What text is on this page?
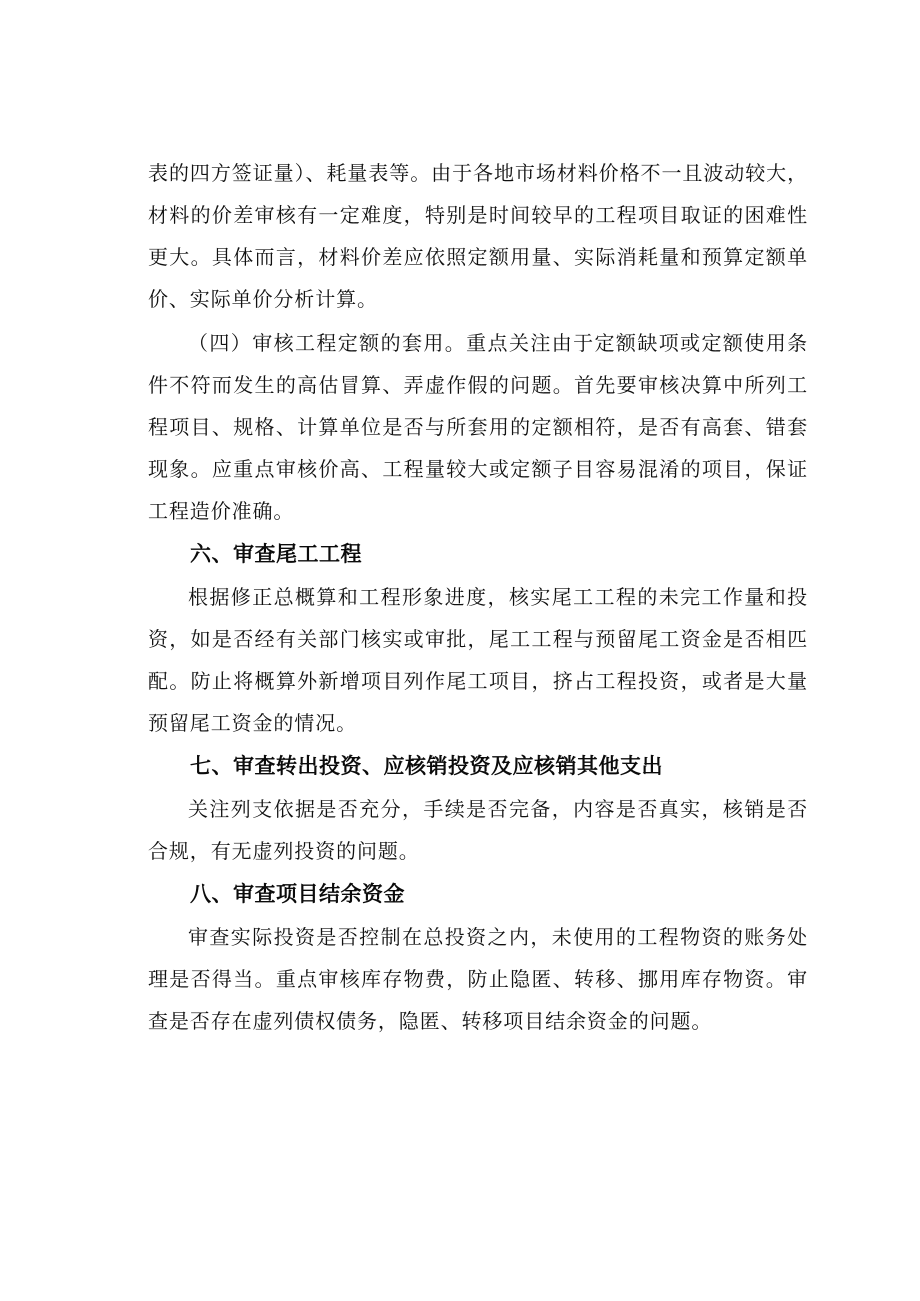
表的四方签证量）、耗量表等。由于各地市场材料价格不一且波动较大，材料的价差审核有一定难度，特别是时间较早的工程项目取证的困难性更大。具体而言，材料价差应依照定额用量、实际消耗量和预算定额单价、实际单价分析计算。

（四）审核工程定额的套用。重点关注由于定额缺项或定额使用条件不符而发生的高估冒算、弄虚作假的问题。首先要审核决算中所列工程项目、规格、计算单位是否与所套用的定额相符，是否有高套、错套现象。应重点审核价高、工程量较大或定额子目容易混淆的项目，保证工程造价准确。

六、审查尾工工程

根据修正总概算和工程形象进度，核实尾工工程的未完工作量和投资，如是否经有关部门核实或审批，尾工工程与预留尾工资金是否相匹配。防止将概算外新增项目列作尾工项目，挤占工程投资，或者是大量预留尾工资金的情况。

七、审查转出投资、应核销投资及应核销其他支出

关注列支依据是否充分，手续是否完备，内容是否真实，核销是否合规，有无虚列投资的问题。

八、审查项目结余资金

审查实际投资是否控制在总投资之内，未使用的工程物资的账务处理是否得当。重点审核库存物费，防止隐匿、转移、挪用库存物资。审查是否存在虚列债权债务，隐匿、转移项目结余资金的问题。
